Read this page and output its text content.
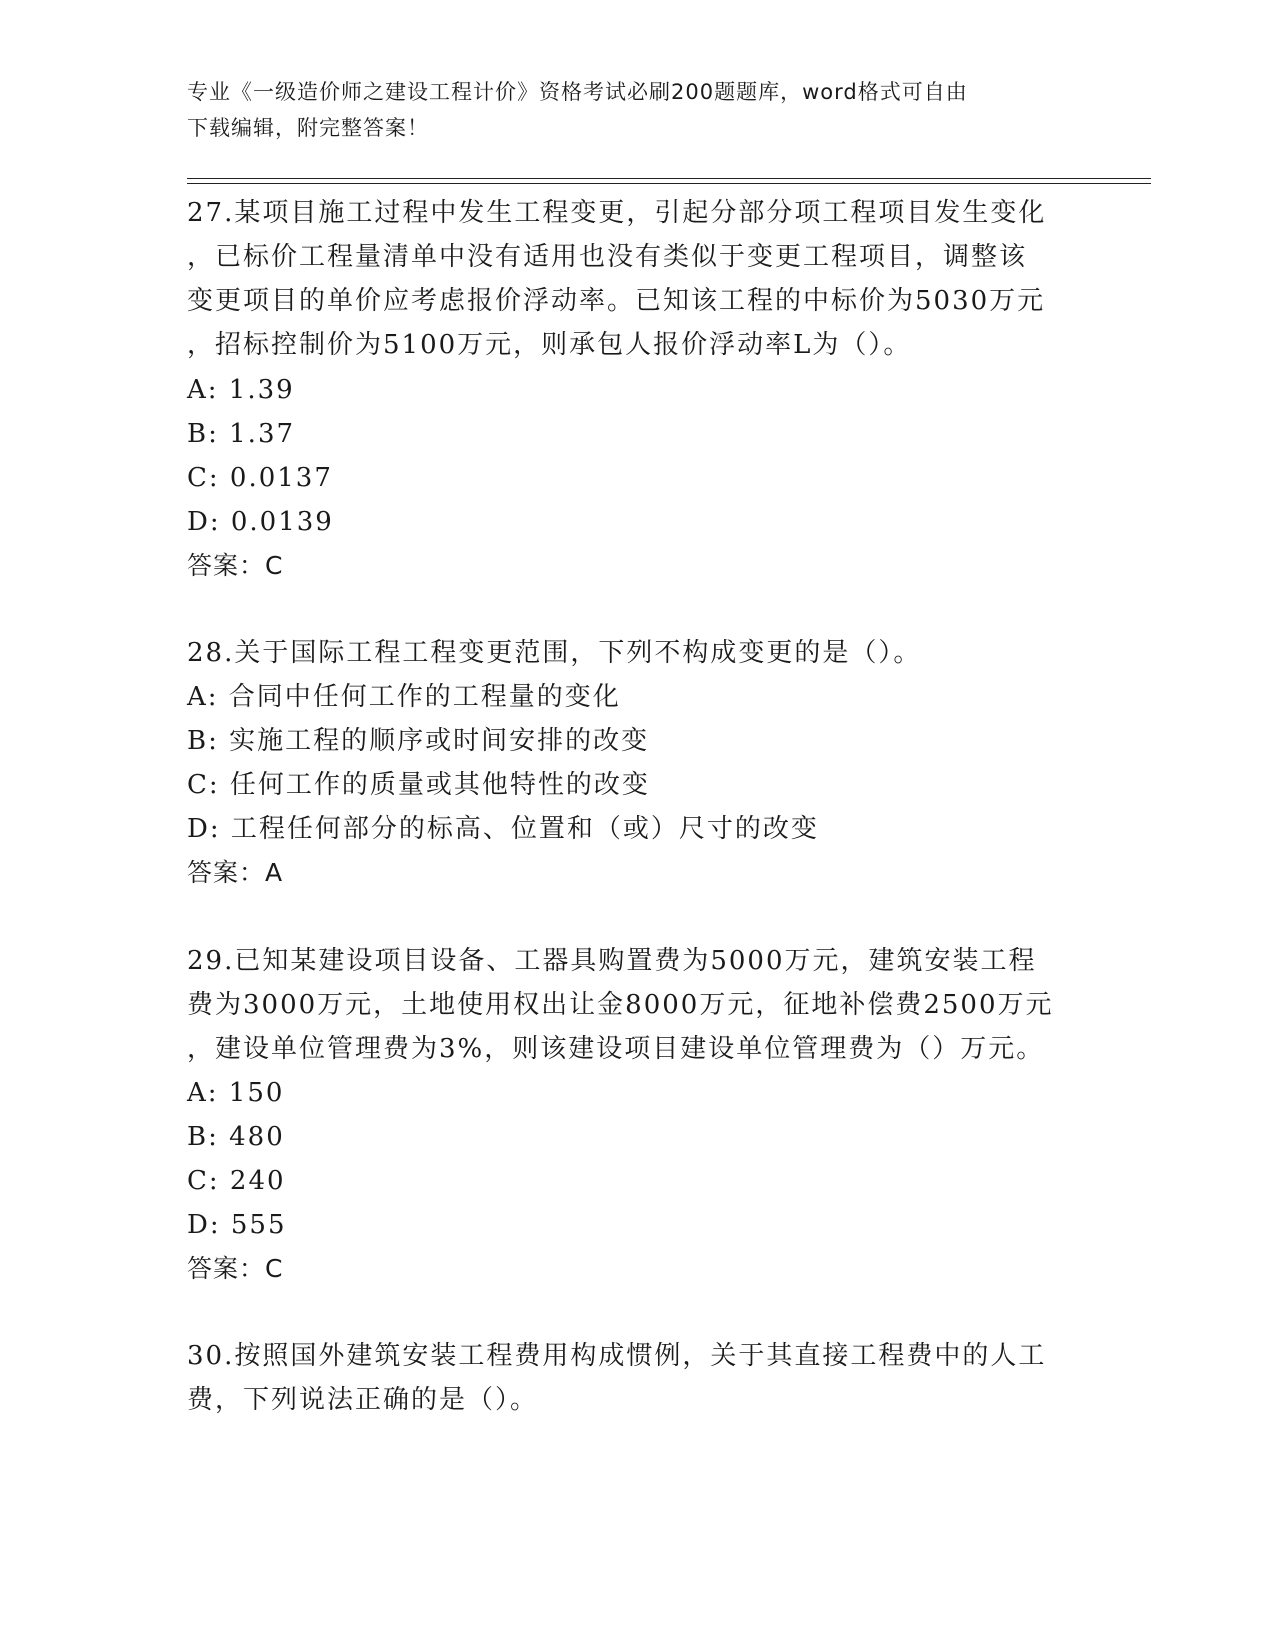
专业《一级造价师之建设工程计价》资格考试必刷200题题库，word格式可自由
下载编辑，附完整答案！
27.某项目施工过程中发生工程变更，引起分部分项工程项目发生变化
，已标价工程量清单中没有适用也没有类似于变更工程项目，调整该
变更项目的单价应考虑报价浮动率。已知该工程的中标价为5030万元
，招标控制价为5100万元，则承包人报价浮动率L为（）。
A: 1.39
B: 1.37
C: 0.0137
D: 0.0139
答案：C
28.关于国际工程工程变更范围，下列不构成变更的是（）。
A: 合同中任何工作的工程量的变化
B: 实施工程的顺序或时间安排的改变
C: 任何工作的质量或其他特性的改变
D: 工程任何部分的标高、位置和（或）尺寸的改变
答案：A
29.已知某建设项目设备、工器具购置费为5000万元，建筑安装工程
费为3000万元，土地使用权出让金8000万元，征地补偿费2500万元
，建设单位管理费为3%，则该建设项目建设单位管理费为（）万元。
A: 150
B: 480
C: 240
D: 555
答案：C
30.按照国外建筑安装工程费用构成惯例，关于其直接工程费中的人工
费，下列说法正确的是（）。
